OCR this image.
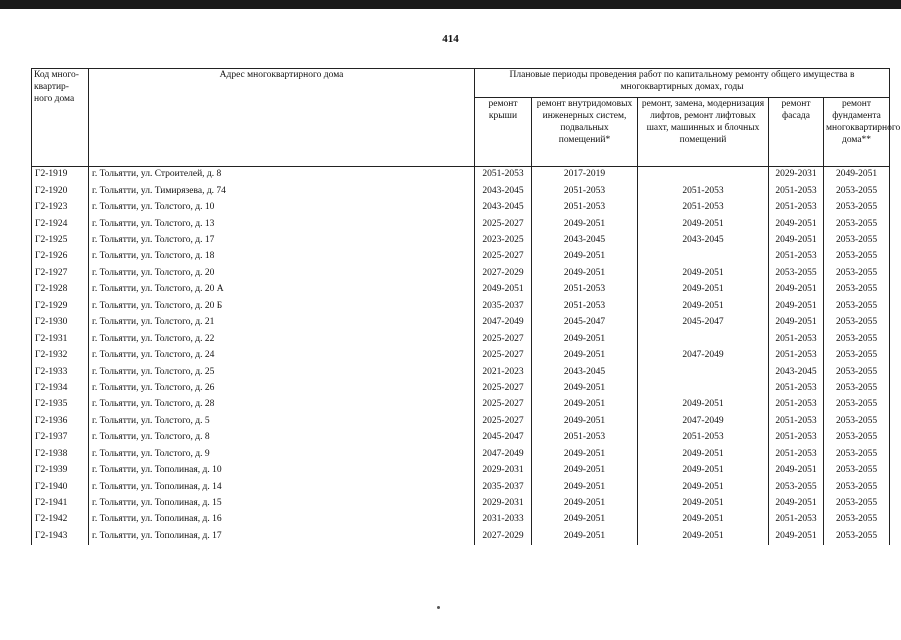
414
Код много-квартир-ного дома	Адрес многоквартирного дома	Плановые периоды проведения работ по капитальному ремонту общего имущества в многоквартирных домах, годы				
		ремонт крыши	ремонт внутридомовых инженерных систем, подвальных помещений*	ремонт, замена, модернизация лифтов, ремонт лифтовых шахт, машинных и блочных помещений	ремонт фасада	ремонт фундамента многоквартирного дома**
Г2-1919	г. Тольятти, ул. Строителей, д. 8	2051-2053	2017-2019		2029-2031	2049-2051
Г2-1920	г. Тольятти, ул. Тимирязева, д. 74	2043-2045	2051-2053	2051-2053	2051-2053	2053-2055
Г2-1923	г. Тольятти, ул. Толстого, д. 10	2043-2045	2051-2053	2051-2053	2051-2053	2053-2055
Г2-1924	г. Тольятти, ул. Толстого, д. 13	2025-2027	2049-2051	2049-2051	2049-2051	2053-2055
Г2-1925	г. Тольятти, ул. Толстого, д. 17	2023-2025	2043-2045	2043-2045	2049-2051	2053-2055
Г2-1926	г. Тольятти, ул. Толстого, д. 18	2025-2027	2049-2051		2051-2053	2053-2055
Г2-1927	г. Тольятти, ул. Толстого, д. 20	2027-2029	2049-2051	2049-2051	2053-2055	2053-2055
Г2-1928	г. Тольятти, ул. Толстого, д. 20 А	2049-2051	2051-2053	2049-2051	2049-2051	2053-2055
Г2-1929	г. Тольятти, ул. Толстого, д. 20 Б	2035-2037	2051-2053	2049-2051	2049-2051	2053-2055
Г2-1930	г. Тольятти, ул. Толстого, д. 21	2047-2049	2045-2047	2045-2047	2049-2051	2053-2055
Г2-1931	г. Тольятти, ул. Толстого, д. 22	2025-2027	2049-2051		2051-2053	2053-2055
Г2-1932	г. Тольятти, ул. Толстого, д. 24	2025-2027	2049-2051	2047-2049	2051-2053	2053-2055
Г2-1933	г. Тольятти, ул. Толстого, д. 25	2021-2023	2043-2045		2043-2045	2053-2055
Г2-1934	г. Тольятти, ул. Толстого, д. 26	2025-2027	2049-2051		2051-2053	2053-2055
Г2-1935	г. Тольятти, ул. Толстого, д. 28	2025-2027	2049-2051	2049-2051	2051-2053	2053-2055
Г2-1936	г. Тольятти, ул. Толстого, д. 5	2025-2027	2049-2051	2047-2049	2051-2053	2053-2055
Г2-1937	г. Тольятти, ул. Толстого, д. 8	2045-2047	2051-2053	2051-2053	2051-2053	2053-2055
Г2-1938	г. Тольятти, ул. Толстого, д. 9	2047-2049	2049-2051	2049-2051	2051-2053	2053-2055
Г2-1939	г. Тольятти, ул. Тополиная, д. 10	2029-2031	2049-2051	2049-2051	2049-2051	2053-2055
Г2-1940	г. Тольятти, ул. Тополиная, д. 14	2035-2037	2049-2051	2049-2051	2053-2055	2053-2055
Г2-1941	г. Тольятти, ул. Тополиная, д. 15	2029-2031	2049-2051	2049-2051	2049-2051	2053-2055
Г2-1942	г. Тольятти, ул. Тополиная, д. 16	2031-2033	2049-2051	2049-2051	2051-2053	2053-2055
Г2-1943	г. Тольятти, ул. Тополиная, д. 17	2027-2029	2049-2051	2049-2051	2049-2051	2053-2055
